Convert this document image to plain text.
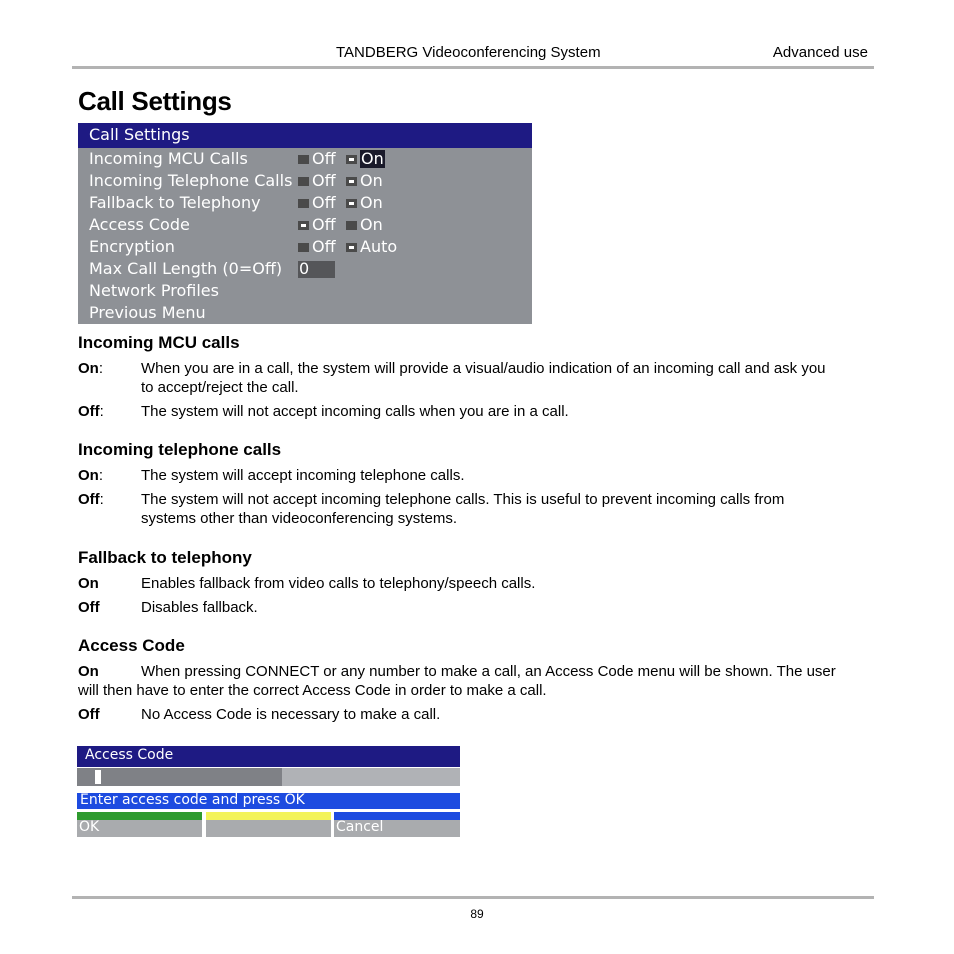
TANDBERG Videoconferencing System	Advanced use
Call Settings
Call Settings
Incoming MCU Calls	Off On
Incoming Telephone Calls Off On
Fallback to Telephony	Off On
Access Code	Off On
Encryption	Off Auto
Max Call Length (0=Off) 0
Network Profiles
Previous Menu
Incoming MCU calls
On:	When you are in a call, the system will provide a visual/audio indication of an incoming call and ask you to accept/reject the call.
Off: The system will not accept incoming calls when you are in a call.
Incoming telephone calls
On:	The system will accept incoming telephone calls.
Off: The system will not accept incoming telephone calls. This is useful to prevent incoming calls from systems other than videoconferencing systems.
Fallback to telephony
On	Enables fallback from video calls to telephony/speech calls.
Off	Disables fallback.
Access Code
On	When pressing CONNECT or any number to make a call, an Access Code menu will be shown. The user will then have to enter the correct Access Code in order to make a call.
Off	No Access Code is necessary to make a call.
Access Code
Enter access code and press OK
OK	Cancel
89
